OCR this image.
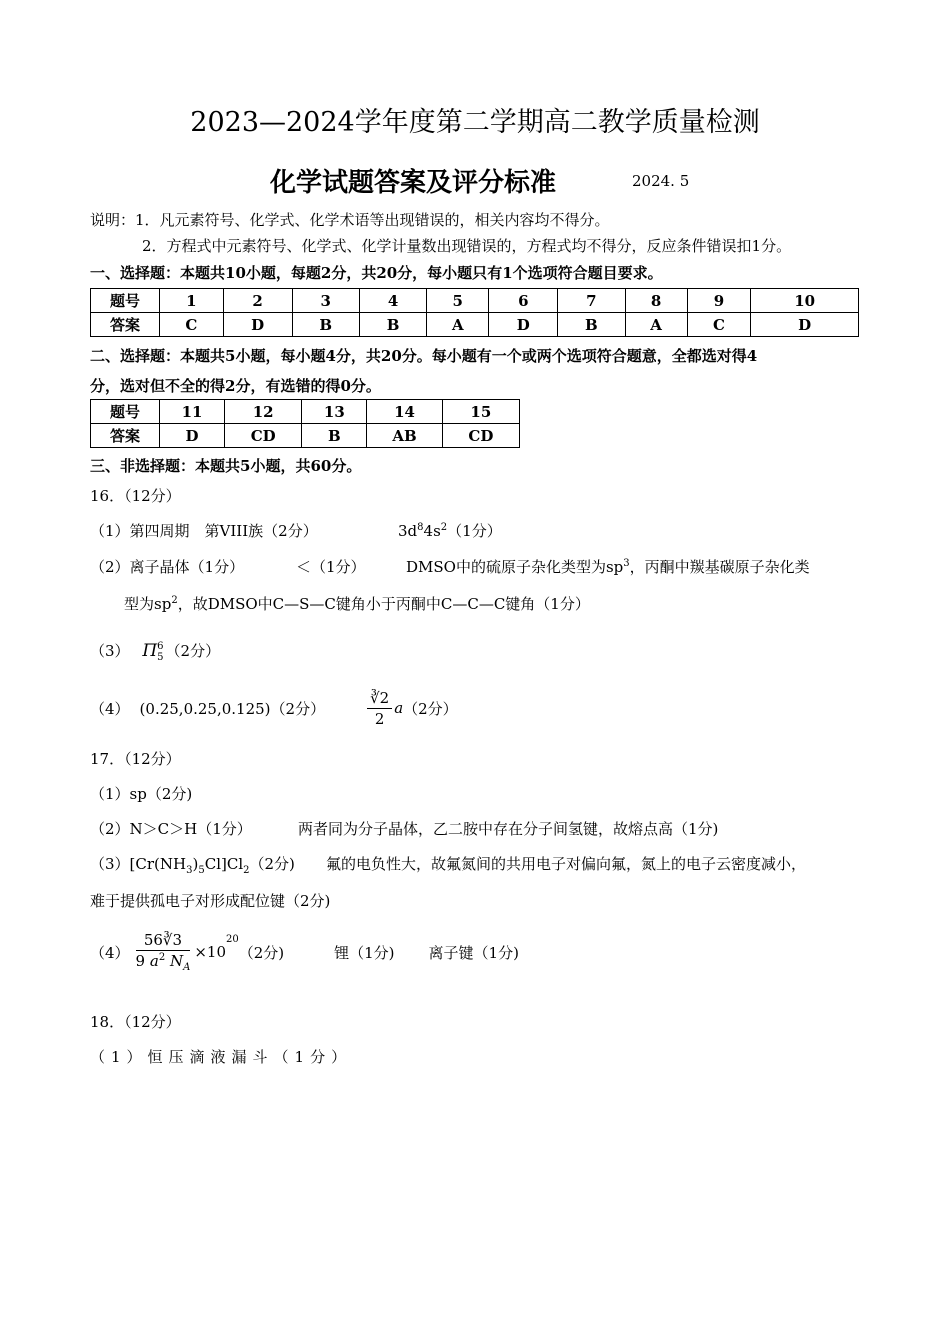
2023—2024学年度第二学期高二教学质量检测
化学试题答案及评分标准	2024. 5
说明：1．凡元素符号、化学式、化学术语等出现错误的，相关内容均不得分。
2．方程式中元素符号、化学式、化学计量数出现错误的，方程式均不得分，反应条件错误扣1分。
一、选择题：本题共10小题，每题2分，共20分，每小题只有1个选项符合题目要求。
题号	1	2	3	4	5	6	7	8	9	10
答案	C	D	B	B	A	D	B	A	C	D
二、选择题：本题共5小题，每小题4分，共20分。每小题有一个或两个选项符合题意，全都选对得4
分，选对但不全的得2分，有选错的得0分。
题号	11	12	13	14	15
答案	D	CD	B	AB	CD
三、非选择题：本题共5小题，共60分。
16．（12分）
（1）第四周期　第VIII族（2分）	$3d^84s^2(1$分）
（2）离子晶体（1分）	＜（1分）	DMSO中的硫原子杂化类型为$sp^3$，丙酮中羰基碳原子杂化类
型为$sp^2$，故DMSO中C—S—C键角小于丙酮中C—C—C键角（1分）
（3） Π 6
5 （2分）
（4） (0.25,0.25,0.125)（2分）	$\frac{∛2}{2}$ a （2分）
17．（12分）
（1）sp（2分)
（2）N＞C＞H（1分）	两者同为分子晶体，乙二胺中存在分子间氢键，故熔点高（1分)
$(3)[Cr(NH_3)_5Cl]Cl_2(2$分) 氟的电负性大，故氟氮间的共用电子对偏向氟，氮上的电子云密度减小，
难于提供孤电子对形成配位键（2分)
$(4) \frac{56∛3}{9 a^2 N_A} \times 10$
$^{20}$
（2分)	锂（1分) 离子键（1分)
18．（12分）
（1）恒压滴液漏斗（1分）
